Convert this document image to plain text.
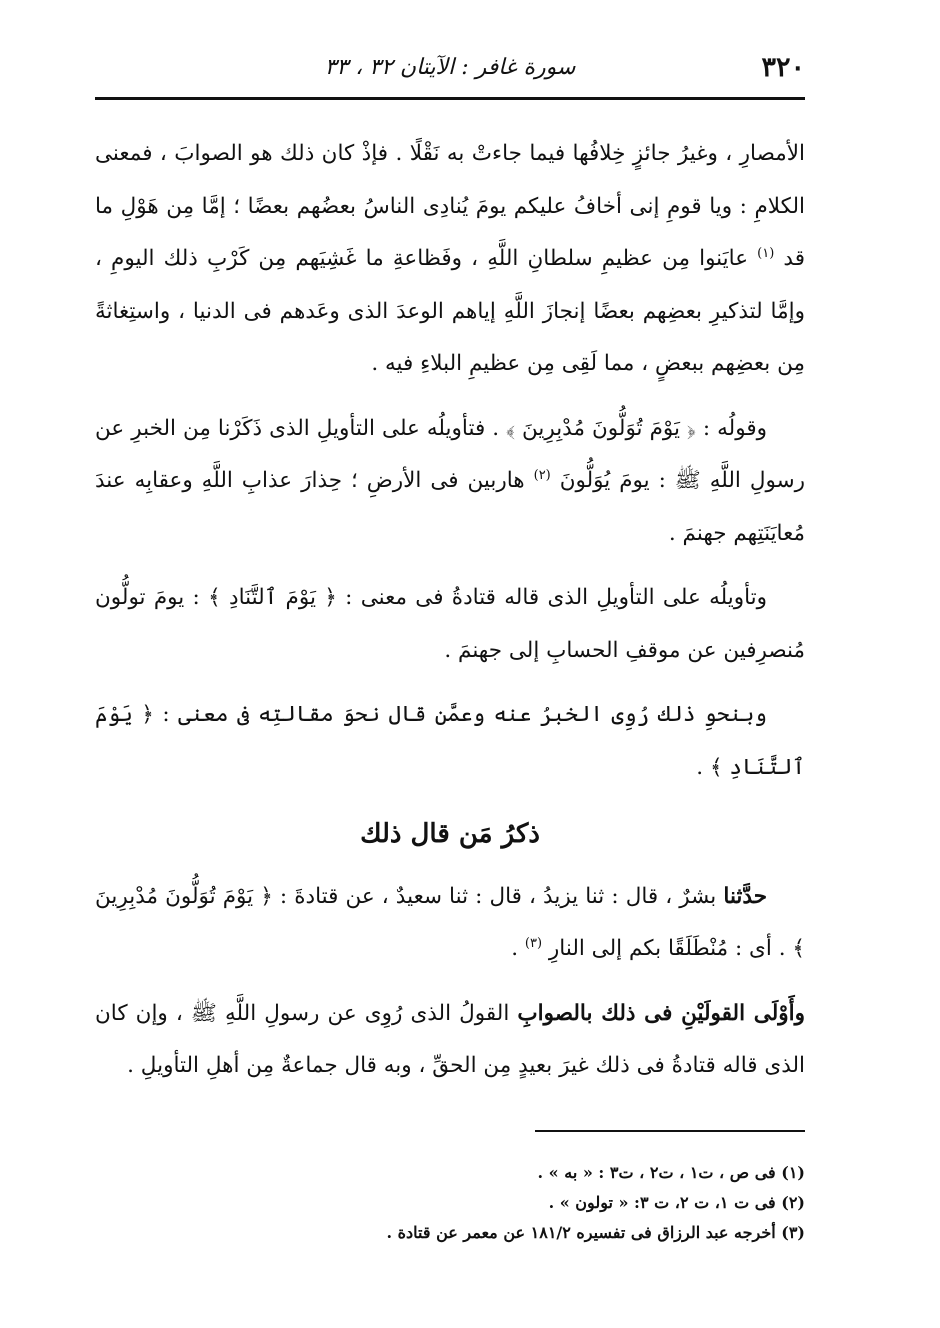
٣٢٠
سورة غافر : الآيتان ٣٢ ، ٣٣

الأمصارِ ، وغيرُ جائزٍ خِلافُها فيما جاءتْ به نَقْلًا . فإذْ كان ذلك هو الصوابَ ، فمعنى الكلامِ : ويا قومِ إنى أخافُ عليكم يومَ يُنادِى الناسُ بعضُهم بعضًا ؛ إمَّا مِن هَوْلِ ما قد $^{(١)}$ عايَنوا مِن عظيمِ سلطانِ اللَّهِ ، وفَظاعةِ ما غَشِيَهم مِن كَرْبِ ذلك اليومِ ، وإمَّا لتذكيرِ بعضِهم بعضًا إنجازَ اللَّهِ إياهم الوعدَ الذى وعَدهم فى الدنيا ، واستِغاثةً مِن بعضِهم ببعضٍ ، مما لَقِى مِن عظيمِ البلاءِ فيه .

وقولُه : ﴿ يَوْمَ تُوَلُّونَ مُدْبِرِينَ ﴾ . فتأويلُه على التأويلِ الذى ذَكَرْنا مِن الخبرِ عن رسولِ اللَّهِ ﷺ : يومَ يُوَلُّونَ $^{(٢)}$ هاربين فى الأرضِ ؛ حِذارَ عذابِ اللَّهِ وعقابِه عندَ مُعايَنَتِهم جهنمَ .

وتأويلُه على التأويلِ الذى قاله قتادةُ فى معنى : ﴿ يَوْمَ ٱلتَّنَادِ ﴾ : يومَ تولُّون مُنصرِفين عن موقفِ الحسابِ إلى جهنمَ .

وبنحوِ ذلك رُوِى الخبرُ عنه وعمَّن قال نحوَ مقالتِه فى معنى : ﴿ يَوْمَ ٱلتَّنَادِ ﴾ .

ذكرُ مَن قال ذلك

حدَّثنا بشرٌ ، قال : ثنا يزيدُ ، قال : ثنا سعيدٌ ، عن قتادةَ : ﴿ يَوْمَ تُوَلُّونَ مُدْبِرِينَ ﴾ . أى : مُنْطَلَقًا بكم إلى النارِ $^{(٣)}$ .

وأَوْلَى القولَيْنِ فى ذلك بالصوابِ القولُ الذى رُوِى عن رسولِ اللَّهِ ﷺ ، وإن كان الذى قاله قتادةُ فى ذلك غيرَ بعيدٍ مِن الحقِّ ، وبه قال جماعةٌ مِن أهلِ التأويلِ .

(١) فى ص ، ت١ ، ت٢ ، ت٣ : « به » .

(٢) فى ت ١، ت ٢، ت ٣: « تولون » .

(٣) أخرجه عبد الرزاق فى تفسيره ١٨١/٢ عن معمر عن قتادة .
